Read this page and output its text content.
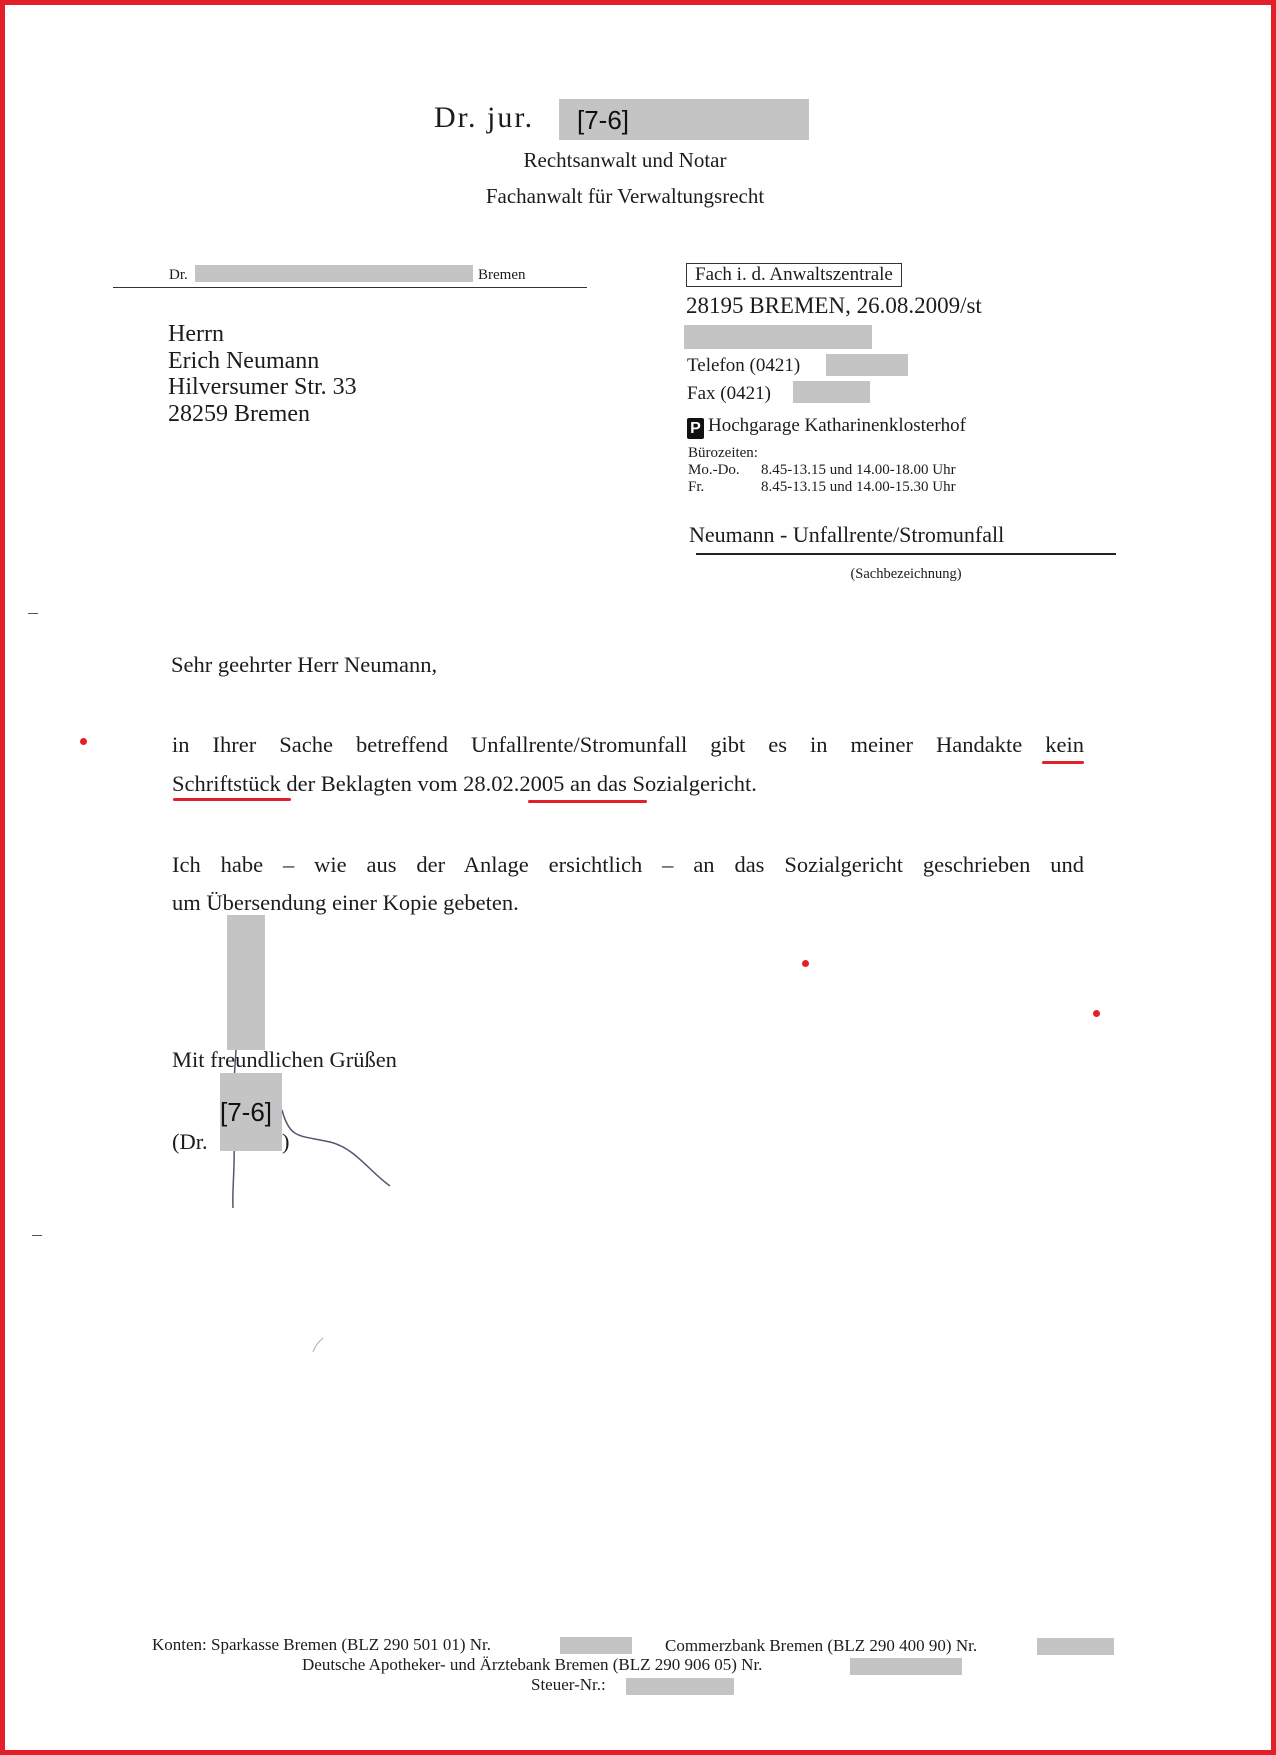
Dr. jur. [7-6]
Rechtsanwalt und Notar
Fachanwalt für Verwaltungsrecht
Dr.	Bremen
Herrn
Erich Neumann
Hilversumer Str. 33
28259 Bremen
Fach i. d. Anwaltszentrale
28195 BREMEN, 26.08.2009/st
Telefon (0421)
Fax (0421)
P Hochgarage Katharinenklosterhof
Bürozeiten:
Mo.-Do. 8.45-13.15 und 14.00-18.00 Uhr
Fr.	8.45-13.15 und 14.00-15.30 Uhr
Neumann - Unfallrente/Stromunfall
(Sachbezeichnung)
Sehr geehrter Herr Neumann,
in Ihrer Sache betreffend Unfallrente/Stromunfall gibt es in meiner Handakte kein
Schriftstück der Beklagten vom 28.02.2005 an das Sozialgericht.
Ich habe – wie aus der Anlage ersichtlich – an das Sozialgericht geschrieben und
um Übersendung einer Kopie gebeten.
Mit freundlichen Grüßen
[7-6]
(Dr.	)
Konten: Sparkasse Bremen (BLZ 290 501 01) Nr.	Commerzbank Bremen (BLZ 290 400 90) Nr.
Deutsche Apotheker- und Ärztebank Bremen (BLZ 290 906 05) Nr.
Steuer-Nr.:
